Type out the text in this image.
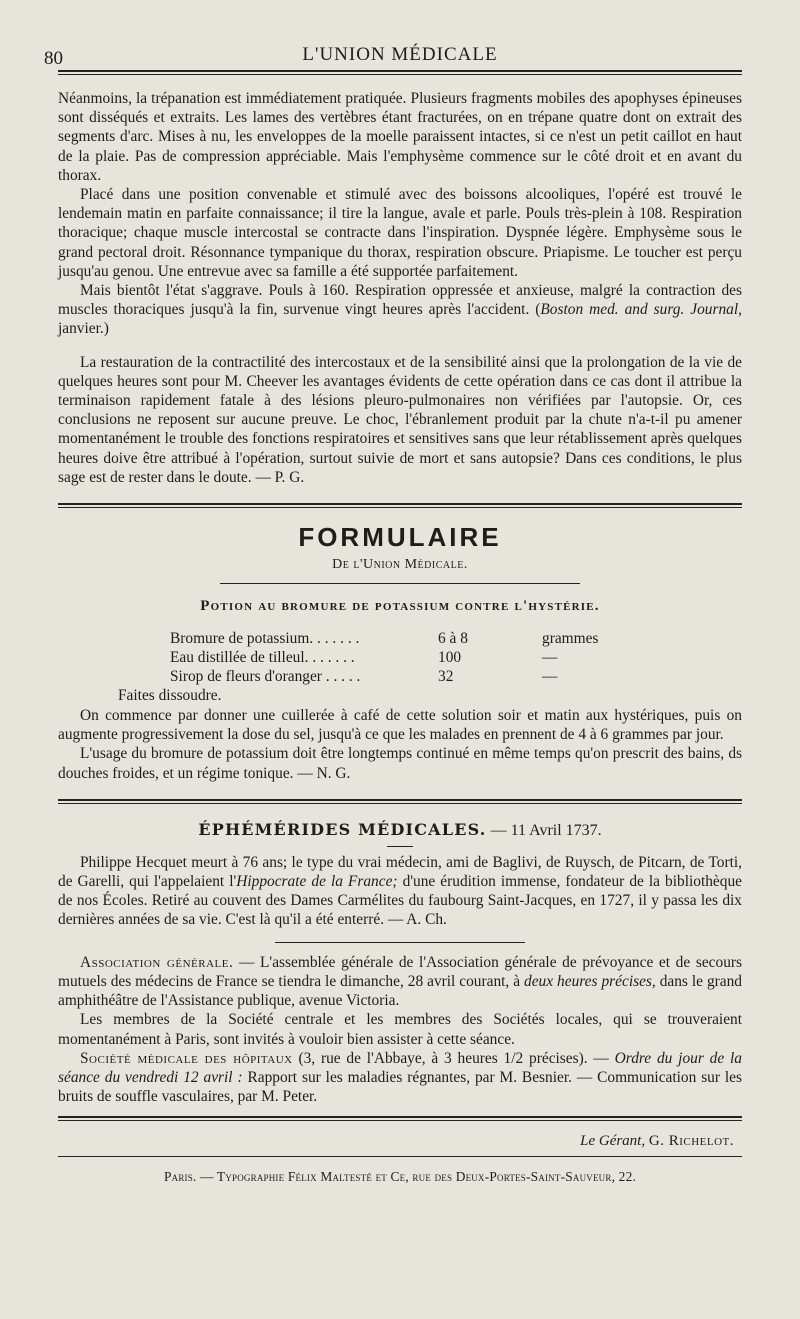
80	L'UNION MÉDICALE

Néanmoins, la trépanation est immédiatement pratiquée. Plusieurs fragments mobiles des apophyses épineuses sont disséqués et extraits. Les lames des vertèbres étant fracturées, on en trépane quatre dont on extrait des segments d'arc. Mises à nu, les enveloppes de la moelle paraissent intactes, si ce n'est un petit caillot en haut de la plaie. Pas de compression appréciable. Mais l'emphysème commence sur le côté droit et en avant du thorax.

Placé dans une position convenable et stimulé avec des boissons alcooliques, l'opéré est trouvé le lendemain matin en parfaite connaissance; il tire la langue, avale et parle. Pouls très-plein à 108. Respiration thoracique; chaque muscle intercostal se contracte dans l'inspiration. Dyspnée légère. Emphysème sous le grand pectoral droit. Résonnance tympanique du thorax, respiration obscure. Priapisme. Le toucher est perçu jusqu'au genou. Une entrevue avec sa famille a été supportée parfaitement.

Mais bientôt l'état s'aggrave. Pouls à 160. Respiration oppressée et anxieuse, malgré la contraction des muscles thoraciques jusqu'à la fin, survenue vingt heures après l'accident. (Boston med. and surg. Journal, janvier.)

La restauration de la contractilité des intercostaux et de la sensibilité ainsi que la prolongation de la vie de quelques heures sont pour M. Cheever les avantages évidents de cette opération dans ce cas dont il attribue la terminaison rapidement fatale à des lésions pleuro-pulmonaires non vérifiées par l'autopsie. Or, ces conclusions ne reposent sur aucune preuve. Le choc, l'ébranlement produit par la chute n'a-t-il pu amener momentanément le trouble des fonctions respiratoires et sensitives sans que leur rétablissement après quelques heures doive être attribué à l'opération, surtout suivie de mort et sans autopsie? Dans ces conditions, le plus sage est de rester dans le doute. — P. G.

FORMULAIRE
De l'Union Médicale.
Potion au bromure de potassium contre l'hystérie.
Bromure de potassium. . . . . . .	6 à 8	grammes
Eau distillée de tilleul. . . . . . .	100	—
Sirop de fleurs d'oranger . . . . .	32	—
Faites dissoudre.

On commence par donner une cuillerée à café de cette solution soir et matin aux hystériques, puis on augmente progressivement la dose du sel, jusqu'à ce que les malades en prennent de 4 à 6 grammes par jour.

L'usage du bromure de potassium doit être longtemps continué en même temps qu'on prescrit des bains, ds douches froides, et un régime tonique. — N. G.

ÉPHÉMÉRIDES MÉDICALES. — 11 Avril 1737.

Philippe Hecquet meurt à 76 ans; le type du vrai médecin, ami de Baglivi, de Ruysch, de Pitcarn, de Torti, de Garelli, qui l'appelaient l'Hippocrate de la France; d'une érudition immense, fondateur de la bibliothèque de nos Écoles. Retiré au couvent des Dames Carmélites du faubourg Saint-Jacques, en 1727, il y passa les dix dernières années de sa vie. C'est là qu'il a été enterré. — A. Ch.

Association générale. — L'assemblée générale de l'Association générale de prévoyance et de secours mutuels des médecins de France se tiendra le dimanche, 28 avril courant, à deux heures précises, dans le grand amphithéâtre de l'Assistance publique, avenue Victoria.

Les membres de la Société centrale et les membres des Sociétés locales, qui se trouveraient momentanément à Paris, sont invités à vouloir bien assister à cette séance.

Société médicale des hôpitaux (3, rue de l'Abbaye, à 3 heures 1/2 précises). — Ordre du jour de la séance du vendredi 12 avril : Rapport sur les maladies régnantes, par M. Besnier. — Communication sur les bruits de souffle vasculaires, par M. Peter.

Le Gérant, G. Richelot.
Paris. — Typographie Félix Maltesté et Ce, rue des Deux-Portes-Saint-Sauveur, 22.
